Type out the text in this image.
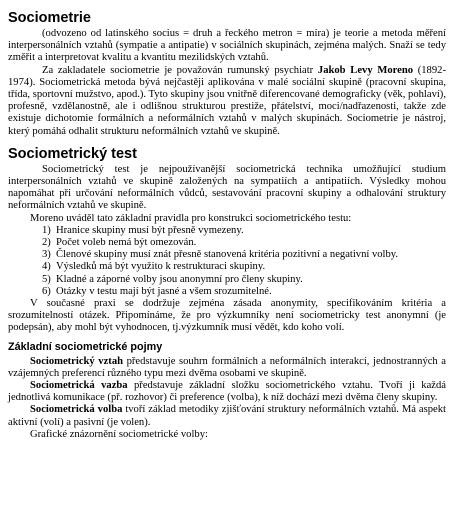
Sociometrie

(odvozeno od latinského socius = druh a řeckého metron = míra) je teorie a metoda měření interpersonálních vztahů (sympatie a antipatie) v sociálních skupinách, zejména malých. Snaží se tedy změřit a interpretovat kvalitu a kvantitu mezilidských vztahů.

Za zakladatele sociometrie je považován rumunský psychiatr Jakob Levy Moreno (1892-1974). Sociometrická metoda bývá nejčastěji aplikována v malé sociální skupině (pracovní skupina, třída, sportovní mužstvo, apod.). Tyto skupiny jsou vnitřně diferencované demograficky (věk, pohlaví), profesně, vzdělanostně, ale i odlišnou strukturou prestiže, přátelství, moci/nadřazenosti, takže zde existuje dichotomie formálních a neformálních vztahů v malých skupinách. Sociometrie je nástroj, který pomáhá odhalit strukturu neformálních vztahů ve skupině.

Sociometrický test

Sociometrický test je nejpoužívanější sociometrická technika umožňující studium interpersonálních vztahů ve skupině založených na sympatiích a antipatiích. Výsledky mohou napomáhat při určování neformálních vůdců, sestavování pracovní skupiny a odhalování struktury neformálních vztahů ve skupině.

Moreno uváděl tato základní pravidla pro konstrukci sociometrického testu:

1) Hranice skupiny musí být přesně vymezeny.
2) Počet voleb nemá být omezován.
3) Členové skupiny musí znát přesně stanovená kritéria pozitivní a negativní volby.
4) Výsledků má být využito k restrukturaci skupiny.
5) Kladné a záporné volby jsou anonymní pro členy skupiny.
6) Otázky v testu mají být jasné a všem srozumitelné.

V současné praxi se dodržuje zejména zásada anonymity, specifikováním kritéria a srozumitelností otázek. Připomínáme, že pro výzkumníky není sociometricky test anonymní (je podepsán), aby mohl být vyhodnocen, tj.výzkumník musí vědět, kdo koho volí.

Základní sociometrické pojmy

Sociometrický vztah představuje souhrn formálních a neformálních interakcí, jednostranných a vzájemných preferencí různého typu mezi dvěma osobami ve skupině.

Sociometrická vazba představuje základní složku sociometrického vztahu. Tvoří ji každá jednotlivá komunikace (př. rozhovor) či preference (volba), k níž dochází mezi dvěma členy skupiny.

Sociometrická volba tvoří základ metodiky zjišťování struktury neformálních vztahů. Má aspekt aktivní (volí) a pasivní (je volen).

Grafické znázornění sociometrické volby:
